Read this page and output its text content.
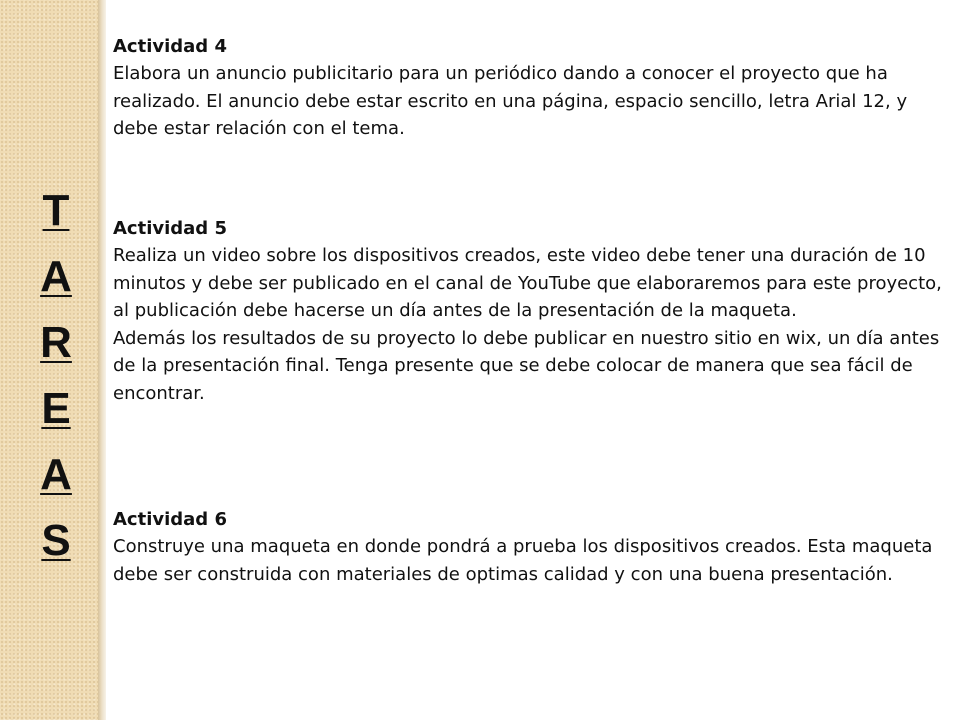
T
A
R
E
A
S

Actividad 4

Elabora un anuncio publicitario para un periódico dando a conocer el proyecto que ha realizado. El anuncio debe estar escrito en una página, espacio sencillo, letra Arial 12, y debe estar relación con el tema.

Actividad 5

Realiza un video sobre los dispositivos creados, este video debe tener una duración de 10 minutos y debe ser publicado en el canal de YouTube que elaboraremos para este proyecto, al publicación debe hacerse un día antes de la presentación de la maqueta.

Además los resultados de su proyecto lo debe publicar en nuestro sitio en wix, un día antes de la presentación final. Tenga presente que se debe colocar de manera que sea fácil de encontrar.

Actividad 6

Construye una maqueta en donde pondrá a prueba los dispositivos creados. Esta maqueta debe ser construida con materiales de optimas calidad y con una buena presentación.
